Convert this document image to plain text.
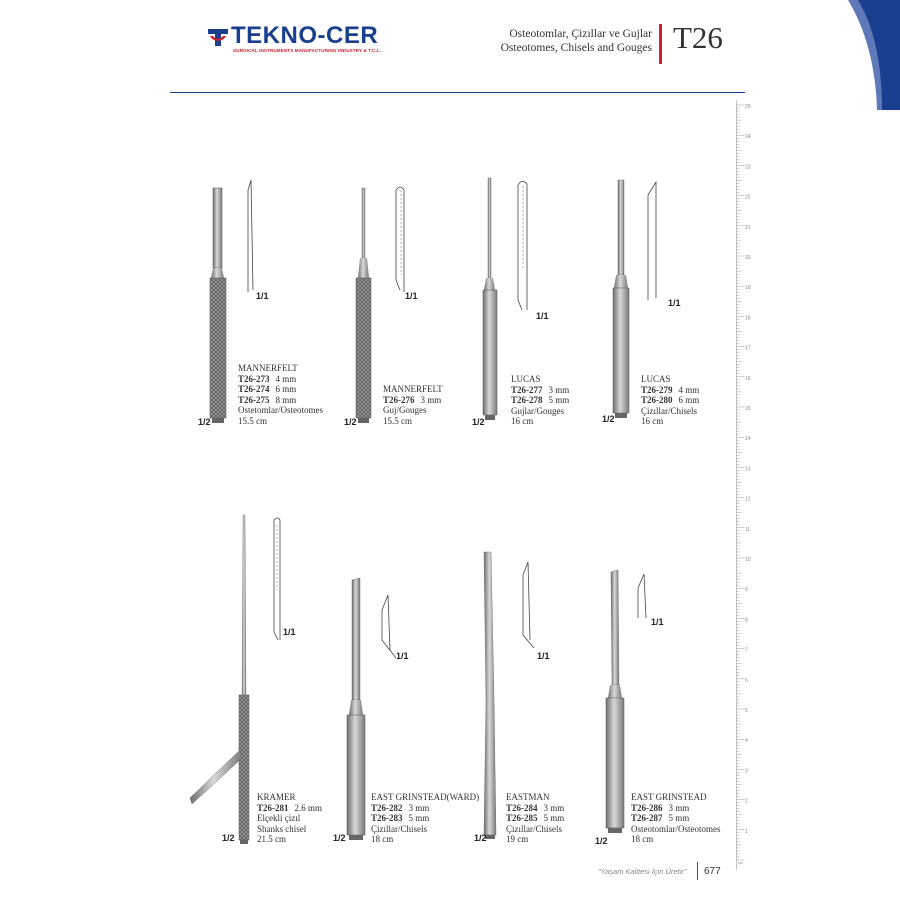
TEKNO-CER
SURGICAL INSTRUMENTS MANUFACTURING INDUSTRY & T.C.L.
Osteotomlar, Çizıllar ve Gujlar
Osteotomes, Chisels and Gouges T26
25
24
23
22
21
20
19
18
17
16
15
14
13
12
11
10
9
8
7
6
5
4
3
2
1
cm
1/1
1/2
1/1
1/2
1/1
1/2
1/1
1/2
1/1
1/2
1/1
1/2
1/1
1/2
1/1
1/2
MANNERFELT
T26-273 4 mm
T26-274 6 mm
T26-275 8 mm
Ostetomlar/Osteotomes
15.5 cm
MANNERFELT
T26-276 3 mm
Guj/Gouges
15.5 cm
LUCAS
T26-277 3 mm
T26-278 5 mm
Gujlar/Gouges
16 cm
LUCAS
T26-279 4 mm
T26-280 6 mm
Çizıllar/Chisels
16 cm
KRAMER
T26-281 2.6 mm
Elçekli çizıl
Shanks chisel
21.5 cm
EAST GRINSTEAD(WARD)
T26-282 3 mm
T26-283 5 mm
Çizıllar/Chisels
18 cm
EASTMAN
T26-284 3 mm
T26-285 5 mm
Çizıllar/Chisels
19 cm
EAST GRINSTEAD
T26-286 3 mm
T26-287 5 mm
Osteotomlar/Osteotomes
18 cm
"Yaşam Kalitesi İçin Üretir" 677
